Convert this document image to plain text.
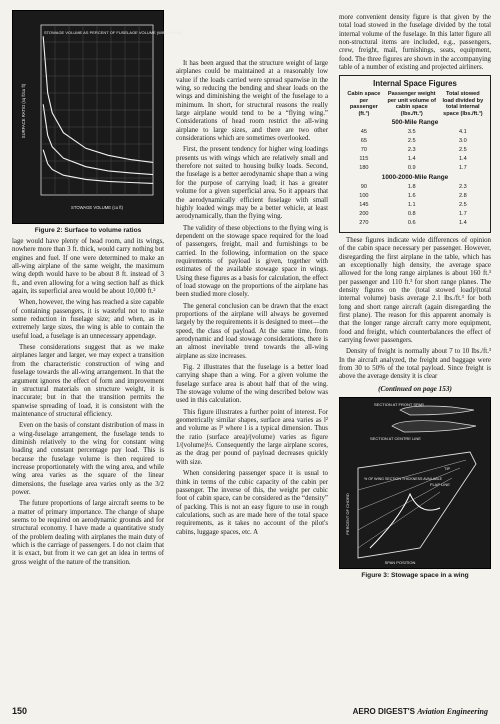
STOWAGE VOLUME AS PERCENT OF FUSELAGE VOLUME (WING AREA)
STOWAGE VOLUME (cu ft)
SURFACE RATIO (sq ft/cu ft)
Figure 2: Surface to volume ratios

lage would have plenty of head room, and its wings, nowhere more than 3 ft. thick, would carry nothing but engines and fuel. If one were determined to make an all-wing airplane of the same weight, the maximum wing depth would have to be about 8 ft. instead of 3 ft., and even allowing for a wing section half as thick again, its superficial area would be about 10,000 ft.²

When, however, the wing has reached a size capable of containing passengers, it is wasteful not to make some reduction in fuselage size; and when, as in extremely large sizes, the wing is able to contain the useful load, a fuselage is an unnecessary appendage.

These considerations suggest that as we make airplanes larger and larger, we may expect a transition from the characteristic construction of wing and fuselage towards the all-wing arrangement. In that the argument ignores the effect of form and improvement in structural materials on structure weight, it is inaccurate; but in that the transition permits the spanwise spreading of load, it is consistent with the maintenance of structural efficiency.

Even on the basis of constant distribution of mass in a wing-fuselage arrangement, the fuselage tends to diminish relatively to the wing for constant wing loading and constant percentage pay load. This is because the fuselage volume is then required to increase proportionately with the wing area, and while wing area varies as the square of the linear dimensions, the fuselage area varies only as the 3/2 power.

The future proportions of large aircraft seems to be a matter of primary importance. The change of shape seems to be required on aerodynamic grounds and for structural economy. I have made a quantitative study of the problem dealing with airplanes the main duty of which is the carriage of passengers. I do not claim that it is exact, but from it we can get an idea in terms of gross weight of the nature of the transition.

It has been argued that the structure weight of large airplanes could be maintained at a reasonably low value if the loads carried were spread spanwise in the wing, so reducing the bending and shear loads on the wings and diminishing the weight of the fuselage to a minimum. In short, for structural reasons the really large airplane would tend to be a “flying wing.” Considerations of head room restrict the all-wing airplane to large sizes, and there are two other considerations which are sometimes overlooked.

First, the present tendency for higher wing loadings presents us with wings which are relatively small and therefore not suited to housing bulky loads. Second, the fuselage is a better aerodynamic shape than a wing for the purpose of carrying load; it has a greater volume for a given superficial area. So it appears that the aerodynamically efficient fuselage with small highly loaded wings may be a better vehicle, at least aerodynamically, than the flying wing.

The validity of these objections to the flying wing is dependent on the stowage space required for the load of passengers, freight, mail and furnishings to be carried. In the following, information on the space requirements of payload is given, together with estimates of the available stowage space in wings. Using these figures as a basis for calculation, the effect of load stowage on the proportions of the airplane has been studied more closely.

The general conclusion can be drawn that the exact proportions of the airplane will always be governed largely by the requirements it is designed to meet—the speed, the class of payload. At the same time, from aerodynamic and load stowage considerations, there is an almost inevitable trend towards the all-wing airplane as size increases.

Fig. 2 illustrates that the fuselage is a better load carrying shape than a wing. For a given volume the fuselage surface area is about half that of the wing. The stowage volume of the wing described below was used in this calculation.

This figure illustrates a further point of interest. For geometrically similar shapes, surface area varies as l² and volume as l³ where l is a typical dimension. Thus the ratio (surface area)/(volume) varies as figure 1/(volume)⅓. Consequently the large airplane scores, as the drag per pound of payload decreases quickly with size.

When considering passenger space it is usual to think in terms of the cubic capacity of the cabin per passenger. The inverse of this, the weight per cubic foot of cabin space, can be considered as the “density” of packing. This is not an easy figure to use in rough calculations, such as are made here of the total space requirements, as it takes no account of the pilot's cabins, luggage spaces, etc. A

more convenient density figure is that given by the total load stowed in the fuselage divided by the total internal volume of the fuselage. In this latter figure all non-structural items are included, e.g., passengers, crew, freight, mail, furnishings, seats, equipment, food. The three figures are shown in the accompanying table of a number of existing and projected airliners.

Internal Space Figures
Cabin space per passenger (ft.³)	Passenger weight per unit volume of cabin space (lbs./ft.³)	Total stowed load divided by total internal space (lbs./ft.³)
500-Mile Range		
45	3.5	4.1
65	2.5	3.0
70	2.3	2.5
115	1.4	1.4
180	0.9	1.7
1000-2000-Mile Range		
90	1.8	2.3
100	1.6	2.8
145	1.1	2.5
200	0.8	1.7
270	0.6	1.4

These figures indicate wide differences of opinion of the cabin space necessary per passenger. However, disregarding the first airplane in the table, which has an exceptionally high density, the average space allowed for the long range airplanes is about 160 ft.³ per passenger and 110 ft.³ for short range planes. The density figures on the (total stowed load)/(total internal volume) basis average 2.1 lbs./ft.³ for both long and short range aircraft (again disregarding the first plane). The reason for this apparent anomaly is that the longer range aircraft carry more equipment, food and freight, which counterbalances the effect of carrying fewer passengers.

Density of freight is normally about 7 to 10 lbs./ft.³ In the aircraft analyzed, the freight and baggage were from 30 to 50% of the total payload. Since freight is above the average density it is clear

(Continued on page 153)
SECTION AT FRONT SPAR
SECTION AT CENTRE LINE
TIP
FLAP LINE
% OF WING SECTION THICKNESS AVAILABLE
SPAN POSITION
PERCENT OF CHORD
Figure 3: Stowage space in a wing
150	AERO DIGEST'S Aviation Engineering
